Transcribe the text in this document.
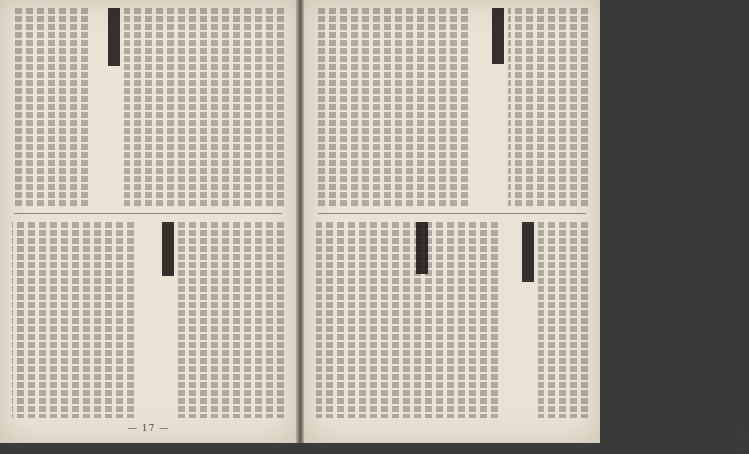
— 17 —	— 16 —
